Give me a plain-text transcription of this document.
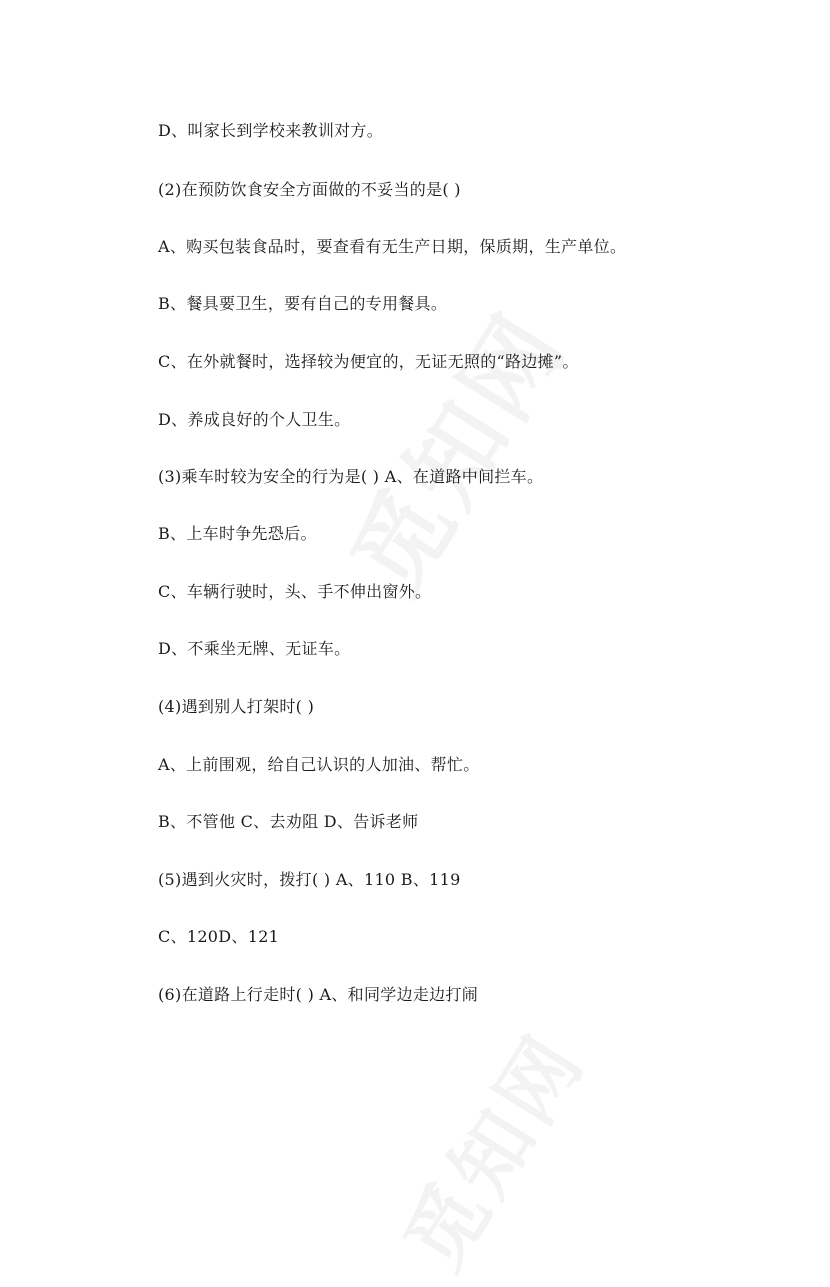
D、叫家长到学校来教训对方。
(2)在预防饮食安全方面做的不妥当的是( )
A、购买包装食品时，要查看有无生产日期，保质期，生产单位。
B、餐具要卫生，要有自己的专用餐具。
C、在外就餐时，选择较为便宜的，无证无照的“路边摊”。
D、养成良好的个人卫生。
(3)乘车时较为安全的行为是( ) A、在道路中间拦车。
B、上车时争先恐后。
C、车辆行驶时，头、手不伸出窗外。
D、不乘坐无牌、无证车。
(4)遇到别人打架时( )
A、上前围观，给自己认识的人加油、帮忙。
B、不管他 C、去劝阻 D、告诉老师
(5)遇到火灾时，拨打( ) A、110 B、119
C、120D、121
(6)在道路上行走时( ) A、和同学边走边打闹
